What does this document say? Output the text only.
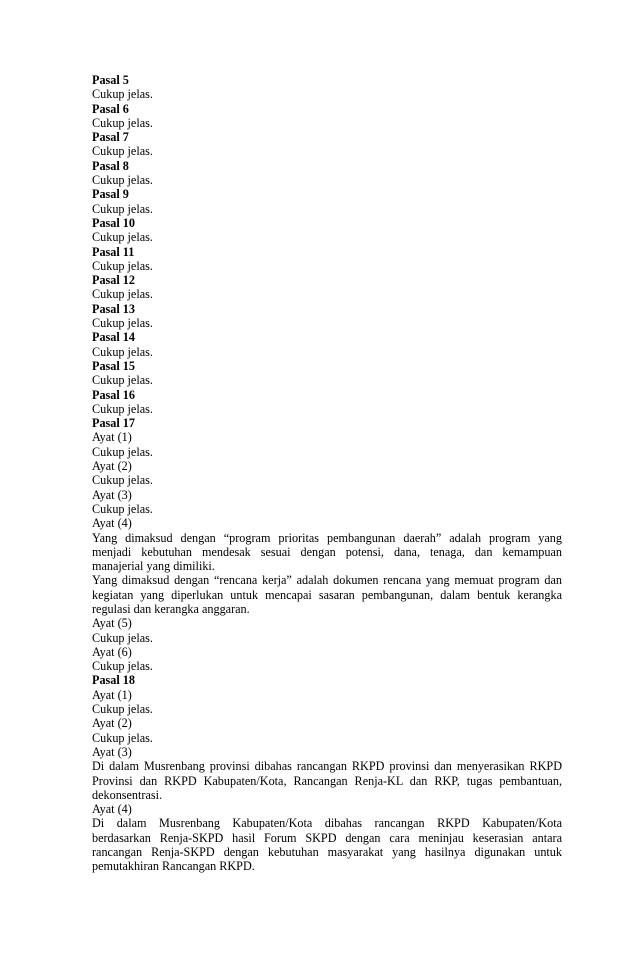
Pasal 5
Cukup jelas.
Pasal 6
Cukup jelas.
Pasal 7
Cukup jelas.
Pasal 8
Cukup jelas.
Pasal 9
Cukup jelas.
Pasal 10
Cukup jelas.
Pasal 11
Cukup jelas.
Pasal 12
Cukup jelas.
Pasal 13
Cukup jelas.
Pasal 14
Cukup jelas.
Pasal 15
Cukup jelas.
Pasal 16
Cukup jelas.
Pasal 17
Ayat (1)
Cukup jelas.
Ayat (2)
Cukup jelas.
Ayat (3)
Cukup jelas.
Ayat (4)
Yang dimaksud dengan “program prioritas pembangunan daerah” adalah program yang
menjadi kebutuhan mendesak sesuai dengan potensi, dana, tenaga, dan kemampuan
manajerial yang dimiliki.
Yang dimaksud dengan “rencana kerja” adalah dokumen rencana yang memuat program dan
kegiatan yang diperlukan untuk mencapai sasaran pembangunan, dalam bentuk kerangka
regulasi dan kerangka anggaran.
Ayat (5)
Cukup jelas.
Ayat (6)
Cukup jelas.
Pasal 18
Ayat (1)
Cukup jelas.
Ayat (2)
Cukup jelas.
Ayat (3)
Di dalam Musrenbang provinsi dibahas rancangan RKPD provinsi dan menyerasikan RKPD
Provinsi dan RKPD Kabupaten/Kota, Rancangan Renja-KL dan RKP, tugas pembantuan,
dekonsentrasi.
Ayat (4)
Di dalam Musrenbang Kabupaten/Kota dibahas rancangan RKPD Kabupaten/Kota
berdasarkan Renja-SKPD hasil Forum SKPD dengan cara meninjau keserasian antara
rancangan Renja-SKPD dengan kebutuhan masyarakat yang hasilnya digunakan untuk
pemutakhiran Rancangan RKPD.
